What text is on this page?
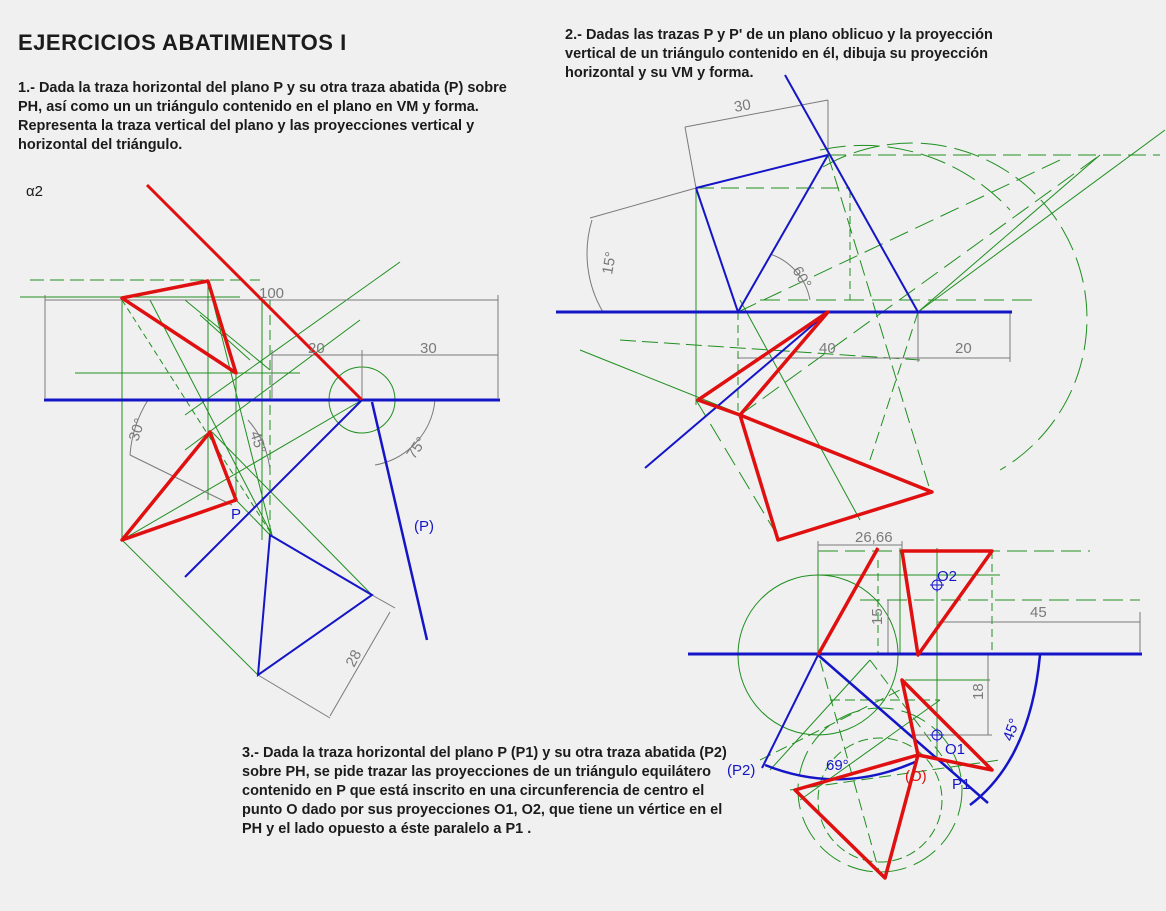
α2
100
20	30
30°	45°	75°
P
(P)
28
30
15°
60°
40	20
26,66
O2
45
15
18
45°
O1
(P2)	69°
(O) P1
EJERCICIOS ABATIMIENTOS I
1.- Dada la traza horizontal del plano P y su otra traza abatida (P) sobre PH, así como un un triángulo contenido en el plano en VM y forma. Representa la traza vertical del plano y las proyecciones vertical y horizontal del triángulo.
2.- Dadas las trazas P y P' de un plano oblicuo y la proyección vertical de un triángulo contenido en él, dibuja su proyección horizontal y su VM y forma.
3.- Dada la traza horizontal del plano P (P1) y su otra traza abatida (P2) sobre PH, se pide trazar las proyecciones de un triángulo equilátero contenido en P que está inscrito en una circunferencia de centro el punto O dado por sus proyecciones O1, O2, que tiene un vértice en el PH y el lado opuesto a éste paralelo a P1 .
